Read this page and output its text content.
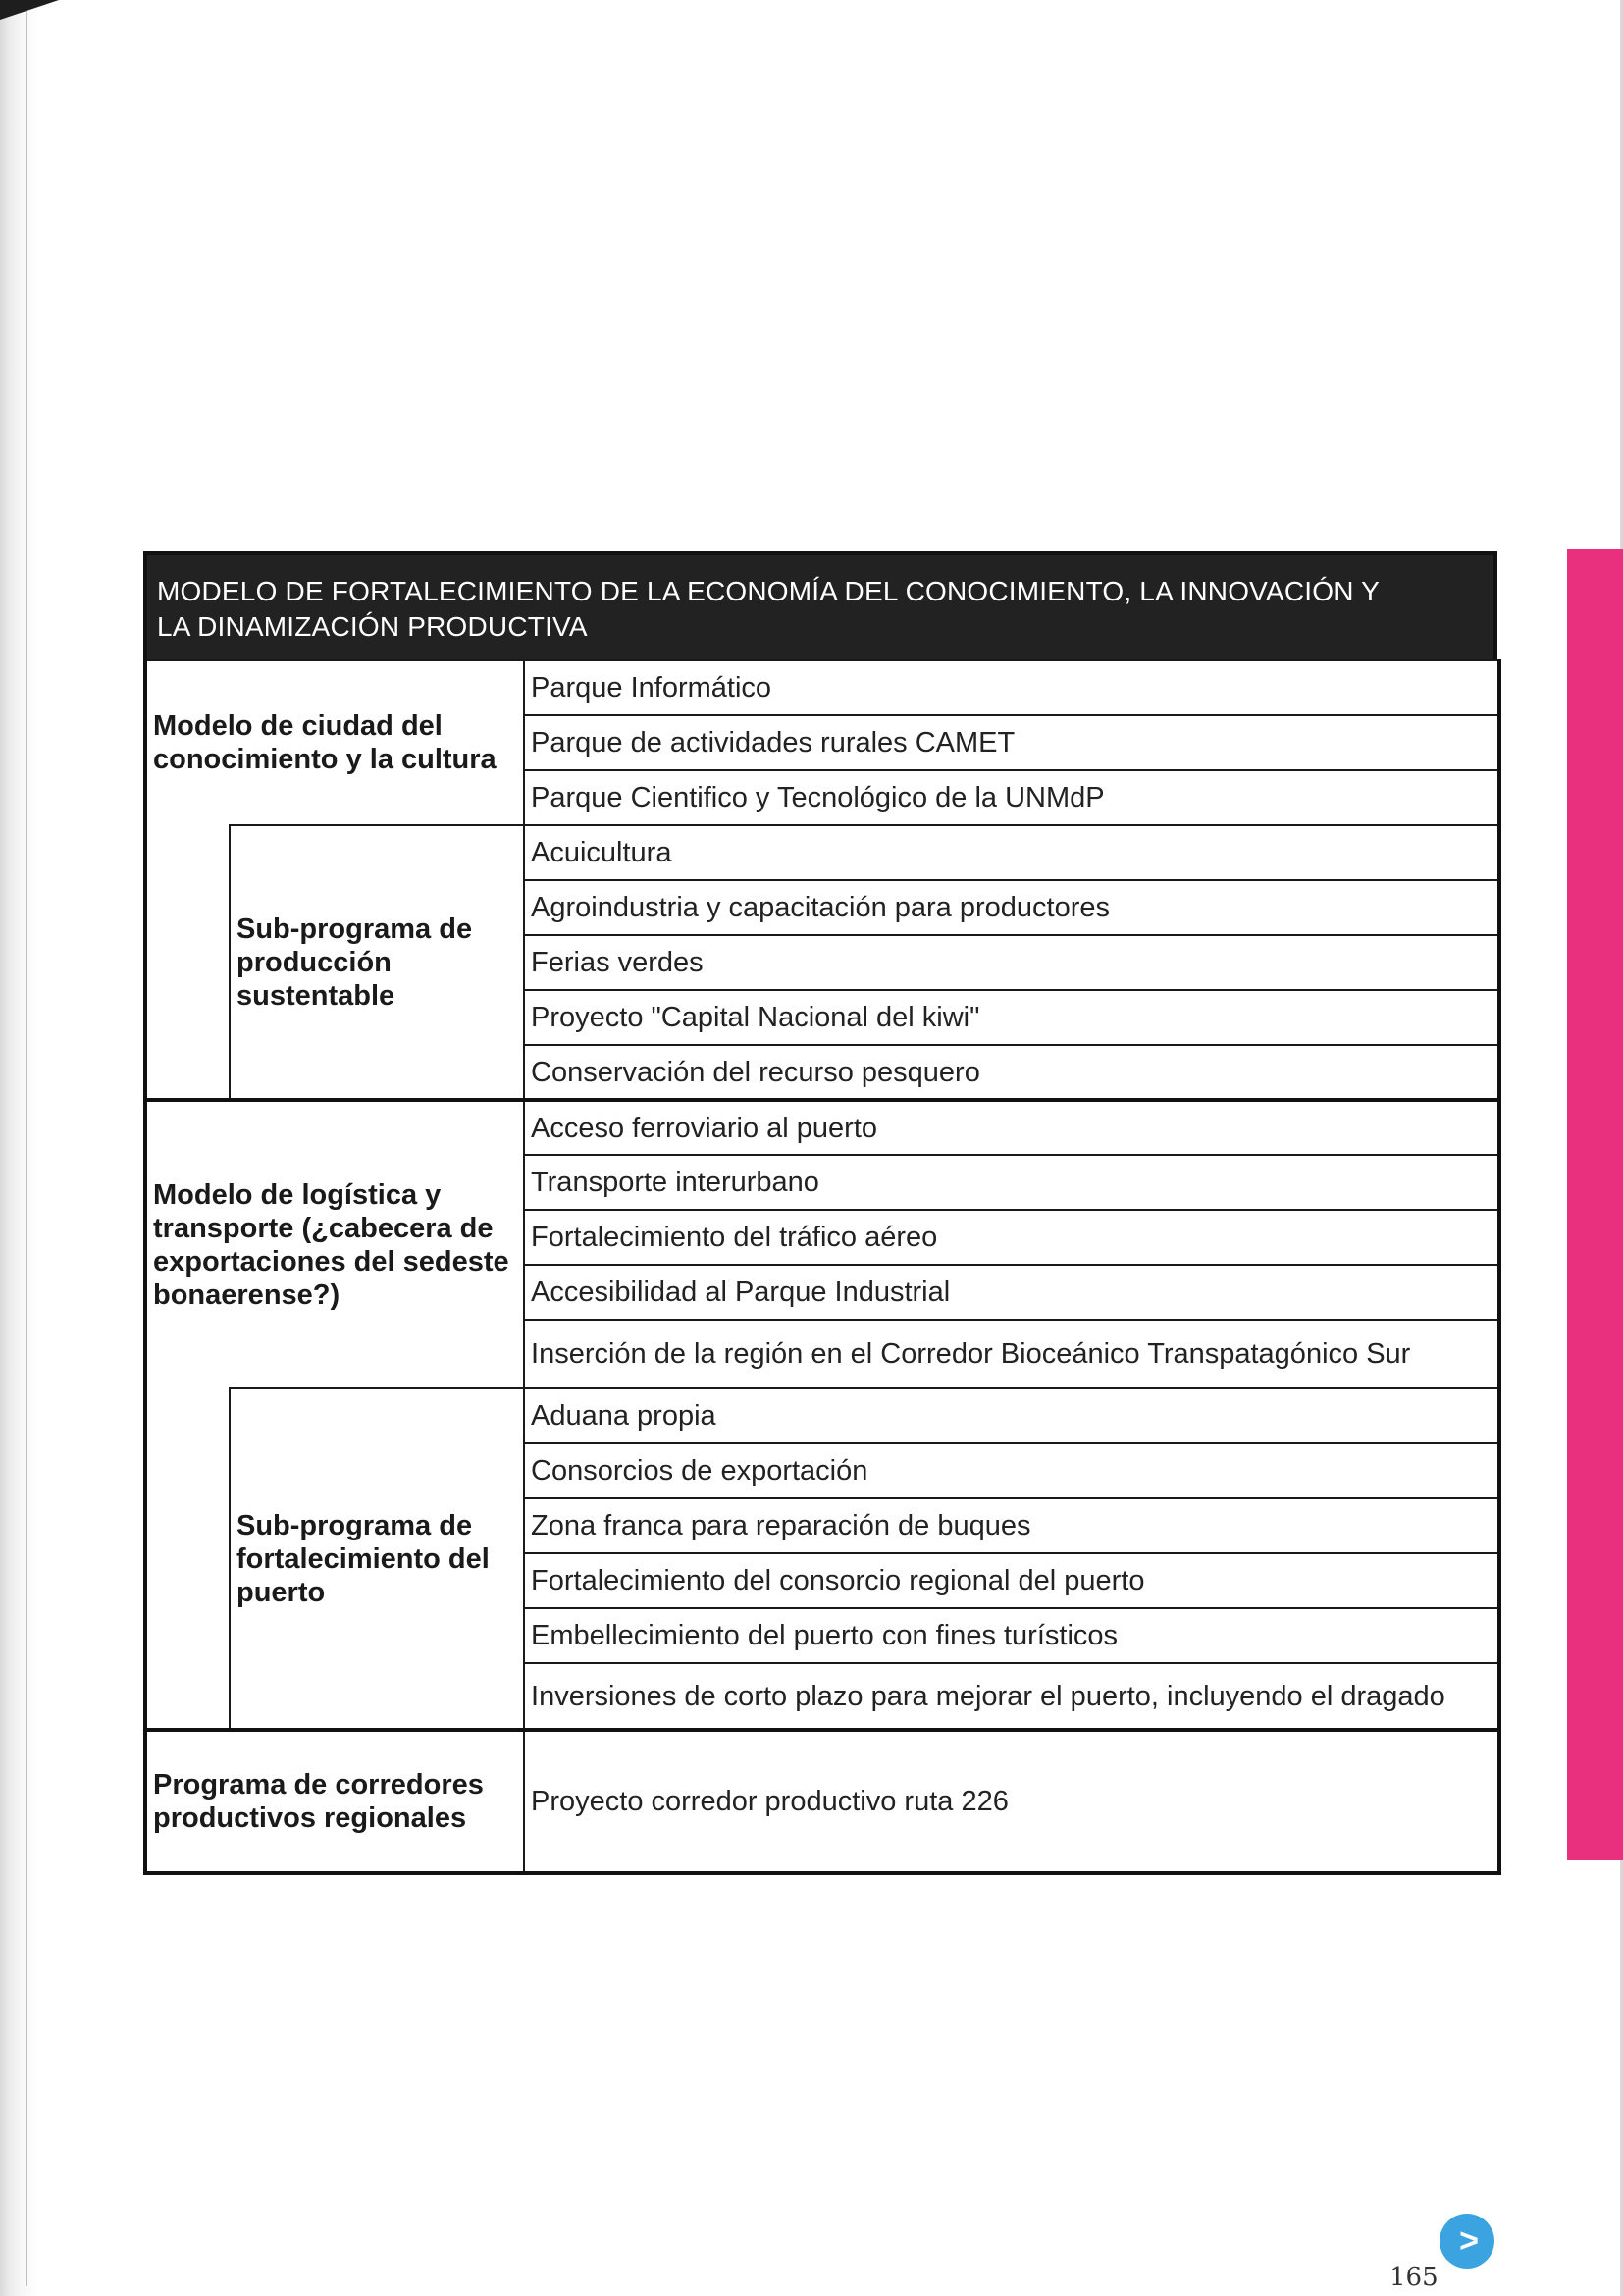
MODELO DE FORTALECIMIENTO DE LA ECONOMÍA DEL CONOCIMIENTO, LA INNOVACIÓN Y
LA DINAMIZACIÓN PRODUCTIVA
Modelo de ciudad del conocimiento y la cultura		Parque Informático
		Parque de actividades rurales CAMET
		Parque Cientifico y Tecnológico de la UNMdP
	Sub-programa de producción sustentable	Acuicultura
		Agroindustria y capacitación para productores
		Ferias verdes
		Proyecto "Capital Nacional del kiwi"
		Conservación del recurso pesquero
Modelo de logística y transporte (¿cabecera de exportaciones del sedeste bonaerense?)		Acceso ferroviario al puerto
		Transporte interurbano
		Fortalecimiento del tráfico aéreo
		Accesibilidad al Parque Industrial
		Inserción de la región en el Corredor Bioceánico Transpatagónico Sur
	Sub-programa de fortalecimiento del puerto	Aduana propia
		Consorcios de exportación
		Zona franca para reparación de buques
		Fortalecimiento del consorcio regional del puerto
		Embellecimiento del puerto con fines turísticos
		Inversiones de corto plazo para mejorar el puerto, incluyendo el dragado
Programa de corredores productivos regionales		Proyecto corredor productivo ruta 226
165
>
